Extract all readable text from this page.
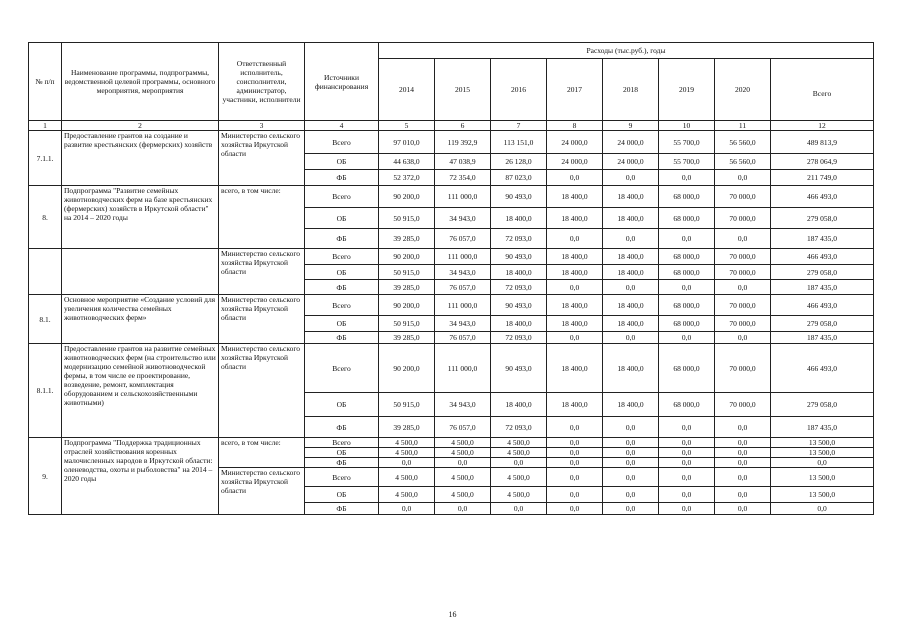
№ п/п	Наименование программы, подпрограммы, ведомственной целевой программы, основного мероприятия, мероприятия	Ответственный исполнитель, соисполнители, администратор, участники, исполнители	Источники финансирования	Расходы (тыс.руб.), годы							
				2014	2015	2016	2017	2018	2019	2020	Всего
1	2	3	4	5	6	7	8	9	10	11	12
7.1.1.	Предоставление грантов на создание и развитие крестьянских (фермерских) хозяйств	Министерство сельского хозяйства Иркутской области	Всего	97 010,0	119 392,9	113 151,0	24 000,0	24 000,0	55 700,0	56 560,0	489 813,9
			ОБ	44 638,0	47 038,9	26 128,0	24 000,0	24 000,0	55 700,0	56 560,0	278 064,9
			ФБ	52 372,0	72 354,0	87 023,0	0,0	0,0	0,0	0,0	211 749,0
8.	Подпрограмма "Развитие семейных животноводческих ферм на базе крестьянских (фермерских) хозяйств в Иркутской области" на 2014 – 2020 годы	всего, в том числе:	Всего	90 200,0	111 000,0	90 493,0	18 400,0	18 400,0	68 000,0	70 000,0	466 493,0
			ОБ	50 915,0	34 943,0	18 400,0	18 400,0	18 400,0	68 000,0	70 000,0	279 058,0
			ФБ	39 285,0	76 057,0	72 093,0	0,0	0,0	0,0	0,0	187 435,0
		Министерство сельского хозяйства Иркутской области	Всего	90 200,0	111 000,0	90 493,0	18 400,0	18 400,0	68 000,0	70 000,0	466 493,0
			ОБ	50 915,0	34 943,0	18 400,0	18 400,0	18 400,0	68 000,0	70 000,0	279 058,0
			ФБ	39 285,0	76 057,0	72 093,0	0,0	0,0	0,0	0,0	187 435,0
8.1.	Основное мероприятие «Создание условий для увеличения количества семейных животноводческих ферм»	Министерство сельского хозяйства Иркутской области	Всего	90 200,0	111 000,0	90 493,0	18 400,0	18 400,0	68 000,0	70 000,0	466 493,0
			ОБ	50 915,0	34 943,0	18 400,0	18 400,0	18 400,0	68 000,0	70 000,0	279 058,0
			ФБ	39 285,0	76 057,0	72 093,0	0,0	0,0	0,0	0,0	187 435,0
8.1.1.	Предоставление грантов на развитие семейных животноводческих ферм (на строительство или модернизацию семейной животноводческой фермы, в том числе ее проектирование, возведение, ремонт, комплектация оборудованием и сельскохозяйственными животными)	Министерство сельского хозяйства Иркутской области	Всего	90 200,0	111 000,0	90 493,0	18 400,0	18 400,0	68 000,0	70 000,0	466 493,0
			ОБ	50 915,0	34 943,0	18 400,0	18 400,0	18 400,0	68 000,0	70 000,0	279 058,0
			ФБ	39 285,0	76 057,0	72 093,0	0,0	0,0	0,0	0,0	187 435,0
9.	Подпрограмма "Поддержка традиционных отраслей хозяйствования коренных малочисленных народов в Иркутской области: оленеводства, охоты и рыболовства" на 2014 – 2020 годы	всего, в том числе:	Всего	4 500,0	4 500,0	4 500,0	0,0	0,0	0,0	0,0	13 500,0
			ОБ	4 500,0	4 500,0	4 500,0	0,0	0,0	0,0	0,0	13 500,0
			ФБ	0,0	0,0	0,0	0,0	0,0	0,0	0,0	0,0
		Министерство сельского хозяйства Иркутской области	Всего	4 500,0	4 500,0	4 500,0	0,0	0,0	0,0	0,0	13 500,0
			ОБ	4 500,0	4 500,0	4 500,0	0,0	0,0	0,0	0,0	13 500,0
			ФБ	0,0	0,0	0,0	0,0	0,0	0,0	0,0	0,0
16
